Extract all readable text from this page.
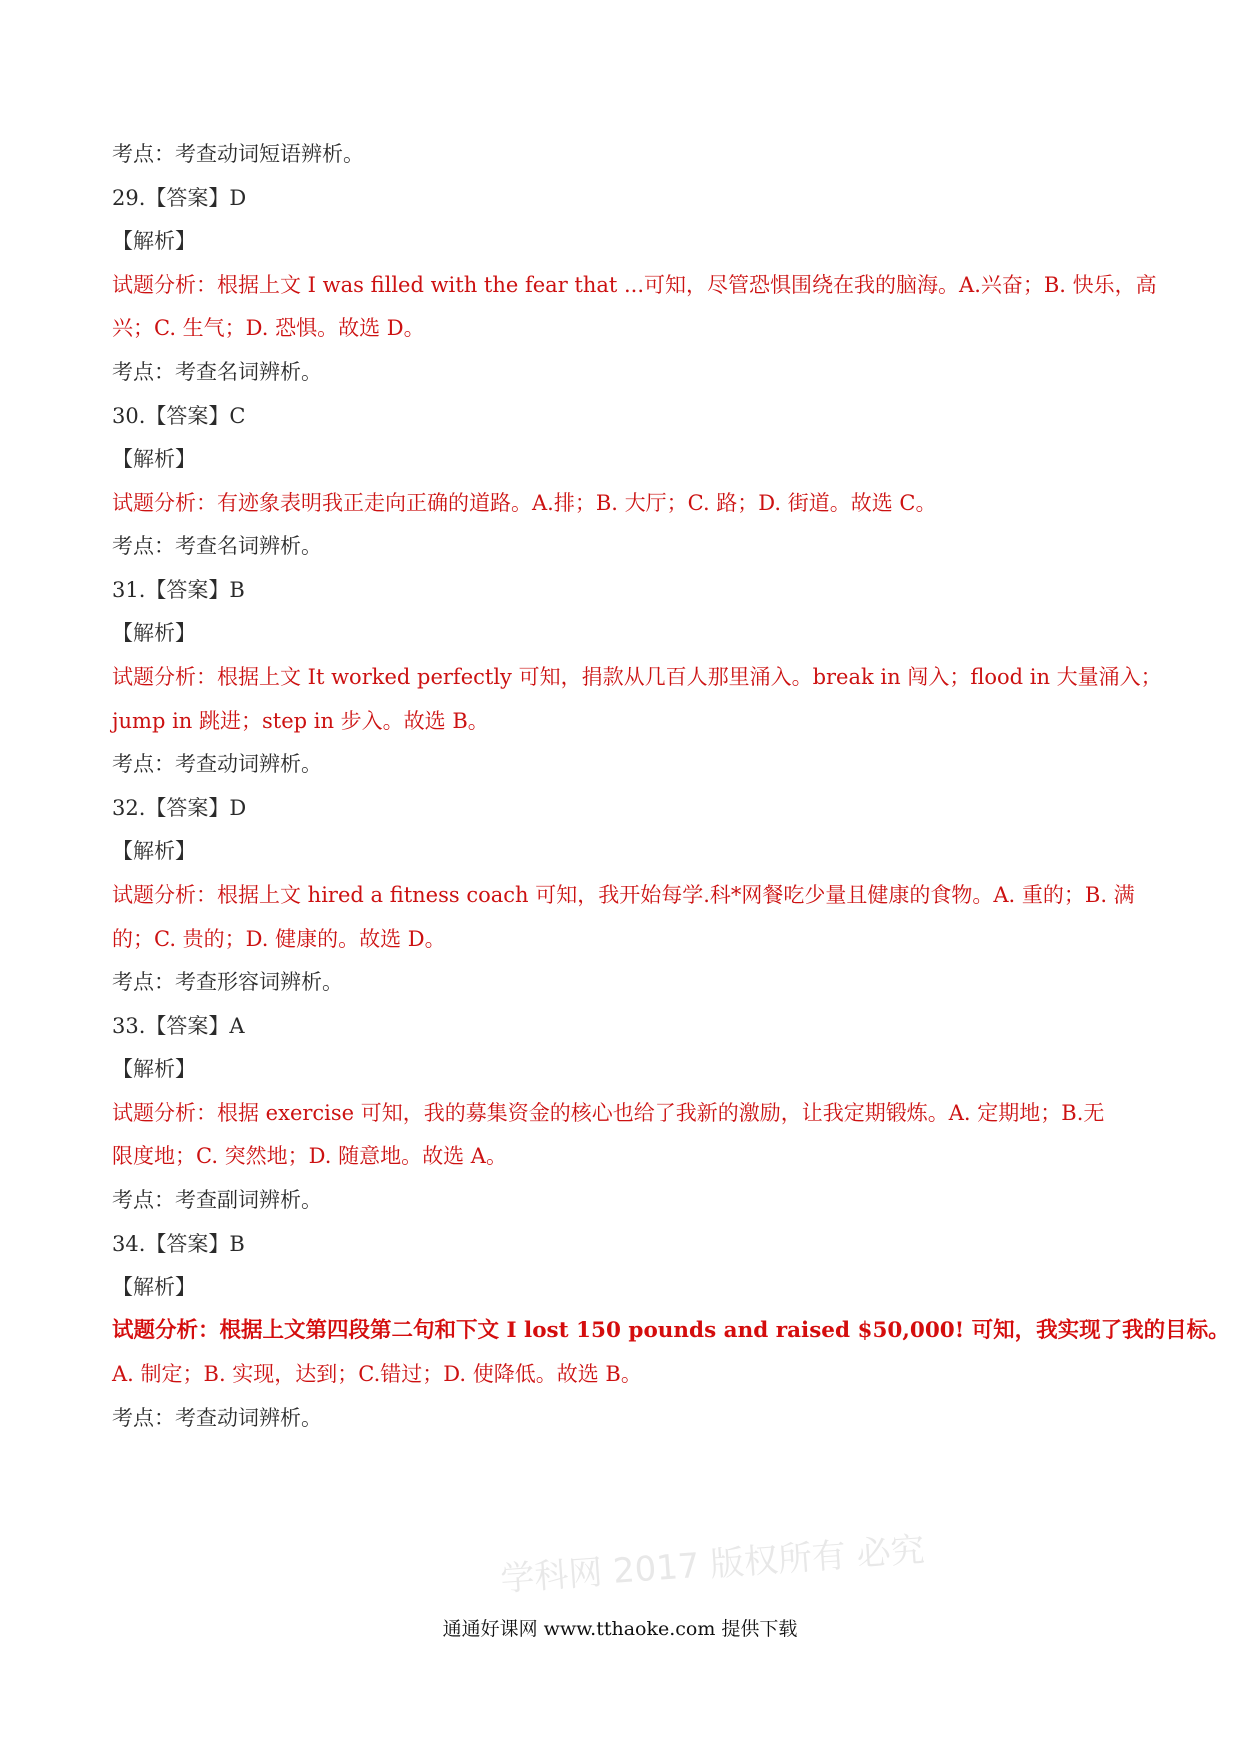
学科网 2017 版权所有 必究
考点：考查动词短语辨析。
29.【答案】D
【解析】
试题分析：根据上文 I was filled with the fear that ...可知，尽管恐惧围绕在我的脑海。A.兴奋；B. 快乐，高
兴；C. 生气；D. 恐惧。故选 D。
考点：考查名词辨析。
30.【答案】C
【解析】
试题分析：有迹象表明我正走向正确的道路。A.排；B. 大厅；C. 路；D. 街道。故选 C。
考点：考查名词辨析。
31.【答案】B
【解析】
试题分析：根据上文 It worked perfectly 可知，捐款从几百人那里涌入。break in 闯入；flood in 大量涌入；
jump in 跳进；step in 步入。故选 B。
考点：考查动词辨析。
32.【答案】D
【解析】
试题分析：根据上文 hired a fitness coach 可知，我开始每学.科*网餐吃少量且健康的食物。A. 重的；B. 满
的；C. 贵的；D. 健康的。故选 D。
考点：考查形容词辨析。
33.【答案】A
【解析】
试题分析：根据 exercise 可知，我的募集资金的核心也给了我新的激励，让我定期锻炼。A. 定期地；B.无
限度地；C. 突然地；D. 随意地。故选 A。
考点：考查副词辨析。
34.【答案】B
【解析】
试题分析：根据上文第四段第二句和下文 I lost 150 pounds and raised $50,000! 可知，我实现了我的目标。
A. 制定；B. 实现，达到；C.错过；D. 使降低。故选 B。
考点：考查动词辨析。
通通好课网 www.tthaoke.com 提供下载
